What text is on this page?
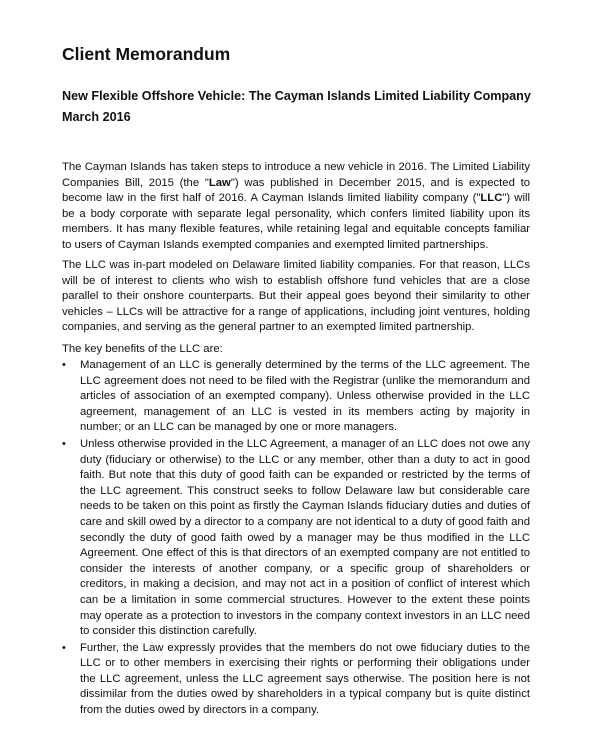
Client Memorandum
New Flexible Offshore Vehicle: The Cayman Islands Limited Liability Company
March 2016

The Cayman Islands has taken steps to introduce a new vehicle in 2016. The Limited Liability Companies Bill, 2015 (the "Law") was published in December 2015, and is expected to become law in the first half of 2016. A Cayman Islands limited liability company ("LLC") will be a body corporate with separate legal personality, which confers limited liability upon its members. It has many flexible features, while retaining legal and equitable concepts familiar to users of Cayman Islands exempted companies and exempted limited partnerships.

The LLC was in-part modeled on Delaware limited liability companies. For that reason, LLCs will be of interest to clients who wish to establish offshore fund vehicles that are a close parallel to their onshore counterparts. But their appeal goes beyond their similarity to other vehicles – LLCs will be attractive for a range of applications, including joint ventures, holding companies, and serving as the general partner to an exempted limited partnership.

The key benefits of the LLC are:

• Management of an LLC is generally determined by the terms of the LLC agreement. The LLC agreement does not need to be filed with the Registrar (unlike the memorandum and articles of association of an exempted company). Unless otherwise provided in the LLC agreement, management of an LLC is vested in its members acting by majority in number; or an LLC can be managed by one or more managers.
• Unless otherwise provided in the LLC Agreement, a manager of an LLC does not owe any duty (fiduciary or otherwise) to the LLC or any member, other than a duty to act in good faith. But note that this duty of good faith can be expanded or restricted by the terms of the LLC agreement. This construct seeks to follow Delaware law but considerable care needs to be taken on this point as firstly the Cayman Islands fiduciary duties and duties of care and skill owed by a director to a company are not identical to a duty of good faith and secondly the duty of good faith owed by a manager may be thus modified in the LLC Agreement. One effect of this is that directors of an exempted company are not entitled to consider the interests of another company, or a specific group of shareholders or creditors, in making a decision, and may not act in a position of conflict of interest which can be a limitation in some commercial structures. However to the extent these points may operate as a protection to investors in the company context investors in an LLC need to consider this distinction carefully.
• Further, the Law expressly provides that the members do not owe fiduciary duties to the LLC or to other members in exercising their rights or performing their obligations under the LLC agreement, unless the LLC agreement says otherwise. The position here is not dissimilar from the duties owed by shareholders in a typical company but is quite distinct from the duties owed by directors in a company.
